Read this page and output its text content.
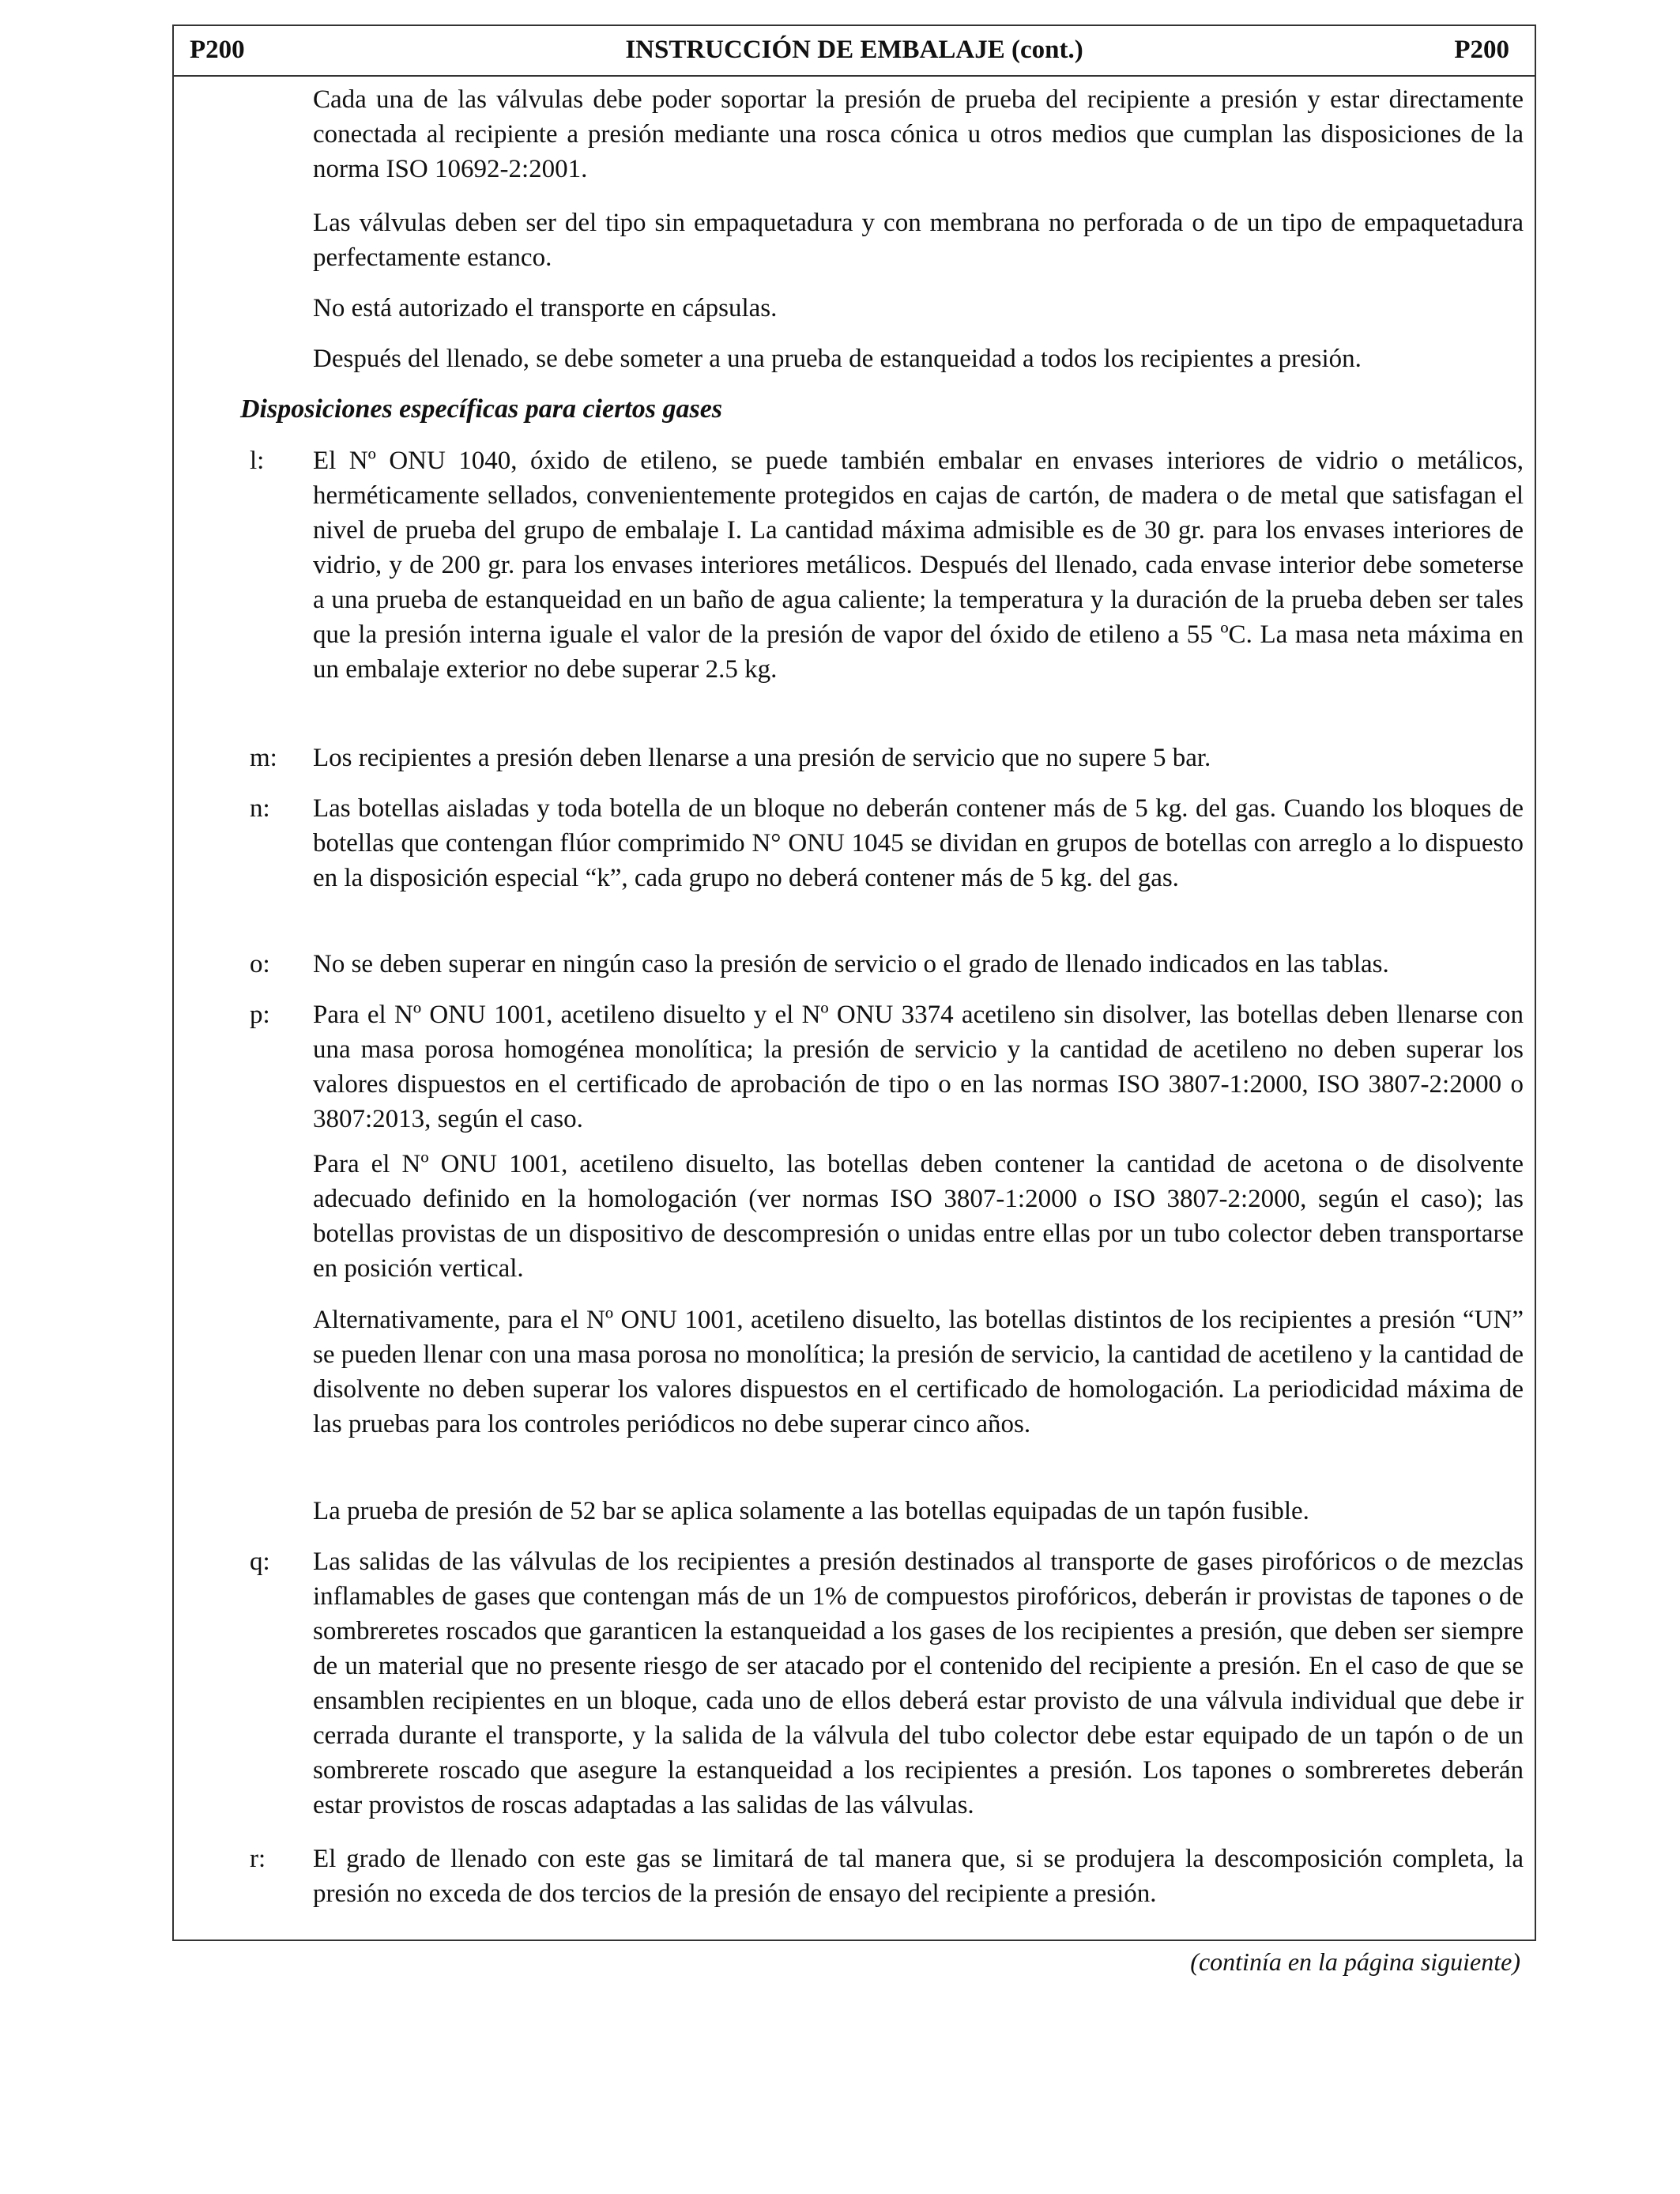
P200	INSTRUCCIÓN DE EMBALAJE (cont.)	P200

Cada una de las válvulas debe poder soportar la presión de prueba del recipiente a presión y estar directamente conectada al recipiente a presión mediante una rosca cónica u otros medios que cumplan las disposiciones de la norma ISO 10692-2:2001.

Las válvulas deben ser del tipo sin empaquetadura y con membrana no perforada o de un tipo de empaquetadura perfectamente estanco.

No está autorizado el transporte en cápsulas.

Después del llenado, se debe someter a una prueba de estanqueidad a todos los recipientes a presión.

Disposiciones específicas para ciertos gases
l: El Nº ONU 1040, óxido de etileno, se puede también embalar en envases interiores de vidrio o metálicos, herméticamente sellados, convenientemente protegidos en cajas de cartón, de madera o de metal que satisfagan el nivel de prueba del grupo de embalaje I. La cantidad máxima admisible es de 30 gr. para los envases interiores de vidrio, y de 200 gr. para los envases interiores metálicos. Después del llenado, cada envase interior debe someterse a una prueba de estanqueidad en un baño de agua caliente; la temperatura y la duración de la prueba deben ser tales que la presión interna iguale el valor de la presión de vapor del óxido de etileno a 55 ºC. La masa neta máxima en un embalaje exterior no debe superar 2.5 kg.

m: Los recipientes a presión deben llenarse a una presión de servicio que no supere 5 bar.

n: Las botellas aisladas y toda botella de un bloque no deberán contener más de 5 kg. del gas. Cuando los bloques de botellas que contengan flúor comprimido N° ONU 1045 se dividan en grupos de botellas con arreglo a lo dispuesto en la disposición especial “k”, cada grupo no deberá contener más de 5 kg. del gas.

o: No se deben superar en ningún caso la presión de servicio o el grado de llenado indicados en las tablas.

p: Para el Nº ONU 1001, acetileno disuelto y el Nº ONU 3374 acetileno sin disolver, las botellas deben llenarse con una masa porosa homogénea monolítica; la presión de servicio y la cantidad de acetileno no deben superar los valores dispuestos en el certificado de aprobación de tipo o en las normas ISO 3807-1:2000, ISO 3807-2:2000 o 3807:2013, según el caso.

Para el Nº ONU 1001, acetileno disuelto, las botellas deben contener la cantidad de acetona o de disolvente adecuado definido en la homologación (ver normas ISO 3807-1:2000 o ISO 3807-2:2000, según el caso); las botellas provistas de un dispositivo de descompresión o unidas entre ellas por un tubo colector deben transportarse en posición vertical.

Alternativamente, para el Nº ONU 1001, acetileno disuelto, las botellas distintos de los recipientes a presión “UN” se pueden llenar con una masa porosa no monolítica; la presión de servicio, la cantidad de acetileno y la cantidad de disolvente no deben superar los valores dispuestos en el certificado de homologación. La periodicidad máxima de las pruebas para los controles periódicos no debe superar cinco años.

La prueba de presión de 52 bar se aplica solamente a las botellas equipadas de un tapón fusible.

q: Las salidas de las válvulas de los recipientes a presión destinados al transporte de gases pirofóricos o de mezclas inflamables de gases que contengan más de un 1% de compuestos pirofóricos, deberán ir provistas de tapones o de sombreretes roscados que garanticen la estanqueidad a los gases de los recipientes a presión, que deben ser siempre de un material que no presente riesgo de ser atacado por el contenido del recipiente a presión. En el caso de que se ensamblen recipientes en un bloque, cada uno de ellos deberá estar provisto de una válvula individual que debe ir cerrada durante el transporte, y la salida de la válvula del tubo colector debe estar equipado de un tapón o de un sombrerete roscado que asegure la estanqueidad a los recipientes a presión. Los tapones o sombreretes deberán estar provistos de roscas adaptadas a las salidas de las válvulas.

r: El grado de llenado con este gas se limitará de tal manera que, si se produjera la descomposición completa, la presión no exceda de dos tercios de la presión de ensayo del recipiente a presión.

(continíа en la página siguiente)
